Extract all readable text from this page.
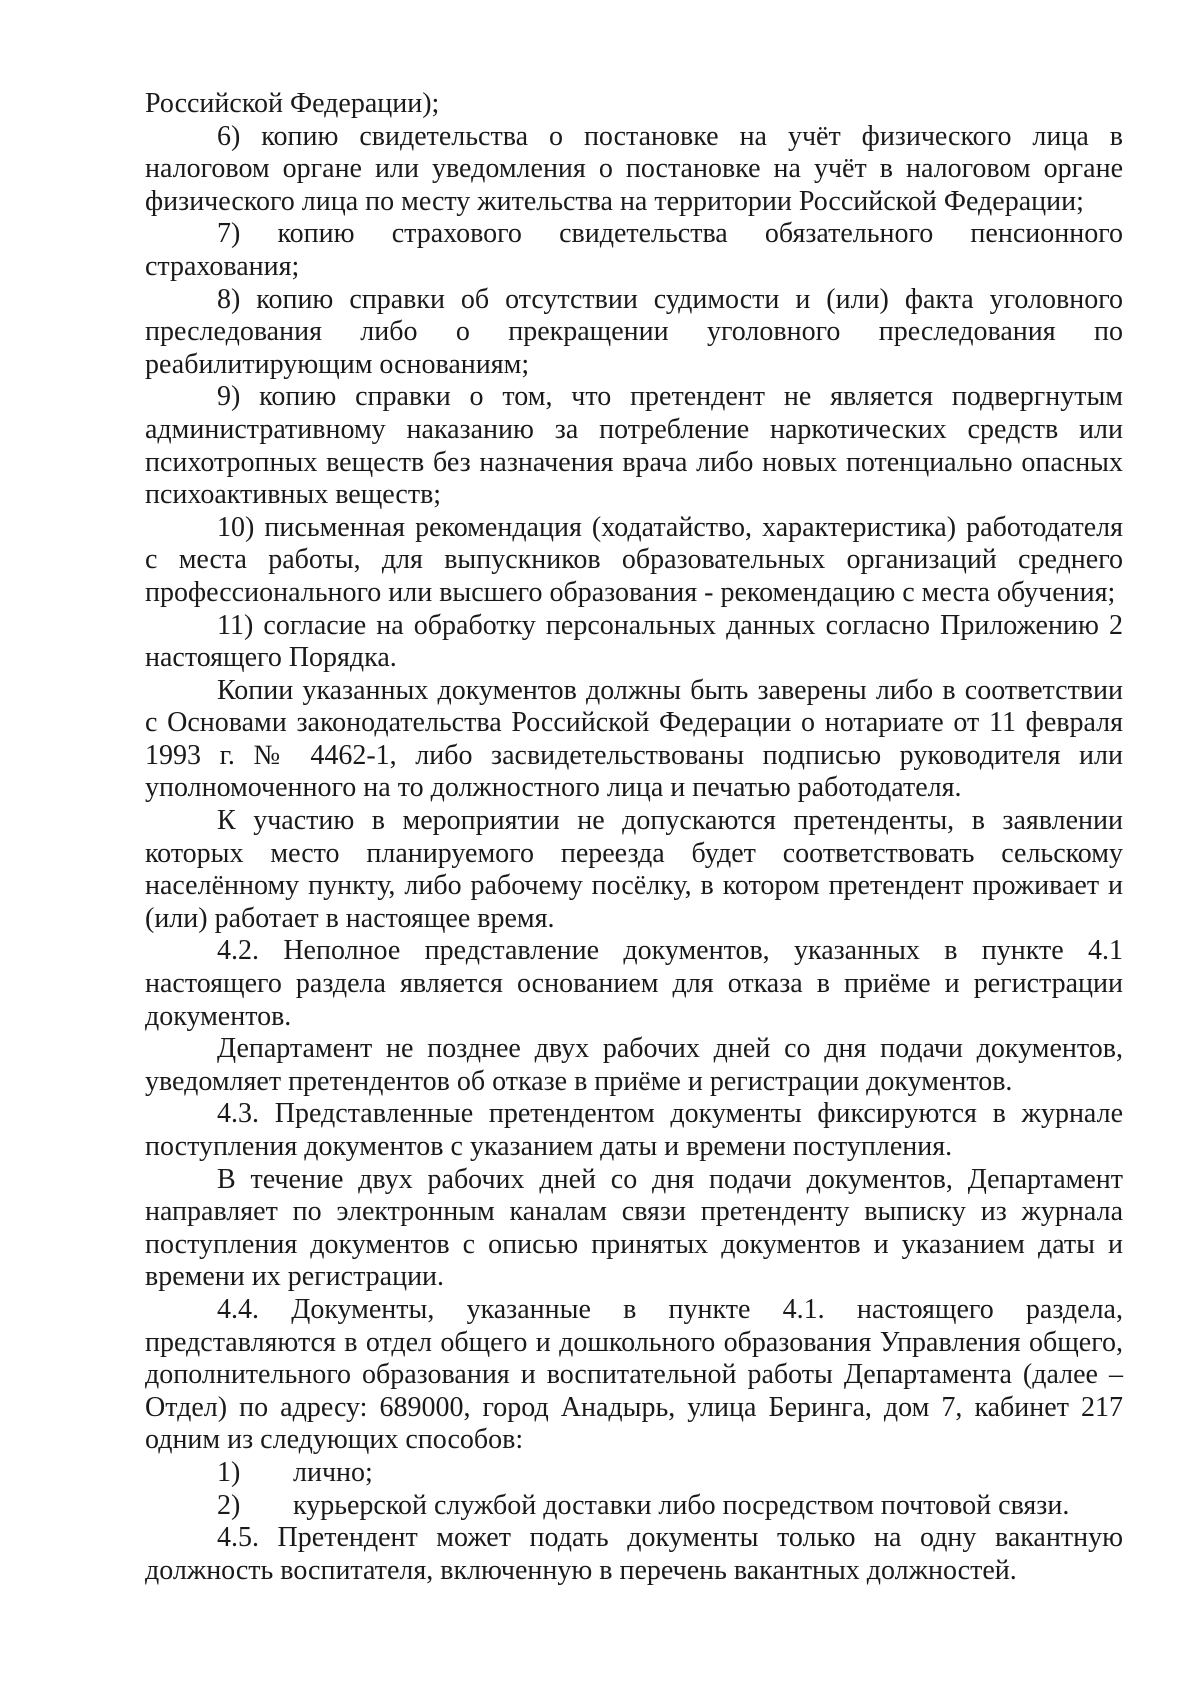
Российской Федерации);

6) копию свидетельства о постановке на учёт физического лица в налоговом органе или уведомления о постановке на учёт в налоговом органе физического лица по месту жительства на территории Российской Федерации;

7) копию страхового свидетельства обязательного пенсионного страхования;

8) копию справки об отсутствии судимости и (или) факта уголовного преследования либо о прекращении уголовного преследования по реабилитирующим основаниям;

9) копию справки о том, что претендент не является подвергнутым административному наказанию за потребление наркотических средств или психотропных веществ без назначения врача либо новых потенциально опасных психоактивных веществ;

10) письменная рекомендация (ходатайство, характеристика) работодателя с места работы, для выпускников образовательных организаций среднего профессионального или высшего образования - рекомендацию с места обучения;

11) согласие на обработку персональных данных согласно Приложению 2 настоящего Порядка.

Копии указанных документов должны быть заверены либо в соответствии с Основами законодательства Российской Федерации о нотариате от 11 февраля 1993 г. № 4462-1, либо засвидетельствованы подписью руководителя или уполномоченного на то должностного лица и печатью работодателя.

К участию в мероприятии не допускаются претенденты, в заявлении которых место планируемого переезда будет соответствовать сельскому населённому пункту, либо рабочему посёлку, в котором претендент проживает и (или) работает в настоящее время.

4.2. Неполное представление документов, указанных в пункте 4.1 настоящего раздела является основанием для отказа в приёме и регистрации документов.

Департамент не позднее двух рабочих дней со дня подачи документов, уведомляет претендентов об отказе в приёме и регистрации документов.

4.3. Представленные претендентом документы фиксируются в журнале поступления документов с указанием даты и времени поступления.

В течение двух рабочих дней со дня подачи документов, Департамент направляет по электронным каналам связи претенденту выписку из журнала поступления документов с описью принятых документов и указанием даты и времени их регистрации.

4.4. Документы, указанные в пункте 4.1. настоящего раздела, представляются в отдел общего и дошкольного образования Управления общего, дополнительного образования и воспитательной работы Департамента (далее – Отдел) по адресу: 689000, город Анадырь, улица Беринга, дом 7, кабинет 217 одним из следующих способов:

1)	лично;
2)	курьерской службой доставки либо посредством почтовой связи.

4.5. Претендент может подать документы только на одну вакантную должность воспитателя, включенную в перечень вакантных должностей.
